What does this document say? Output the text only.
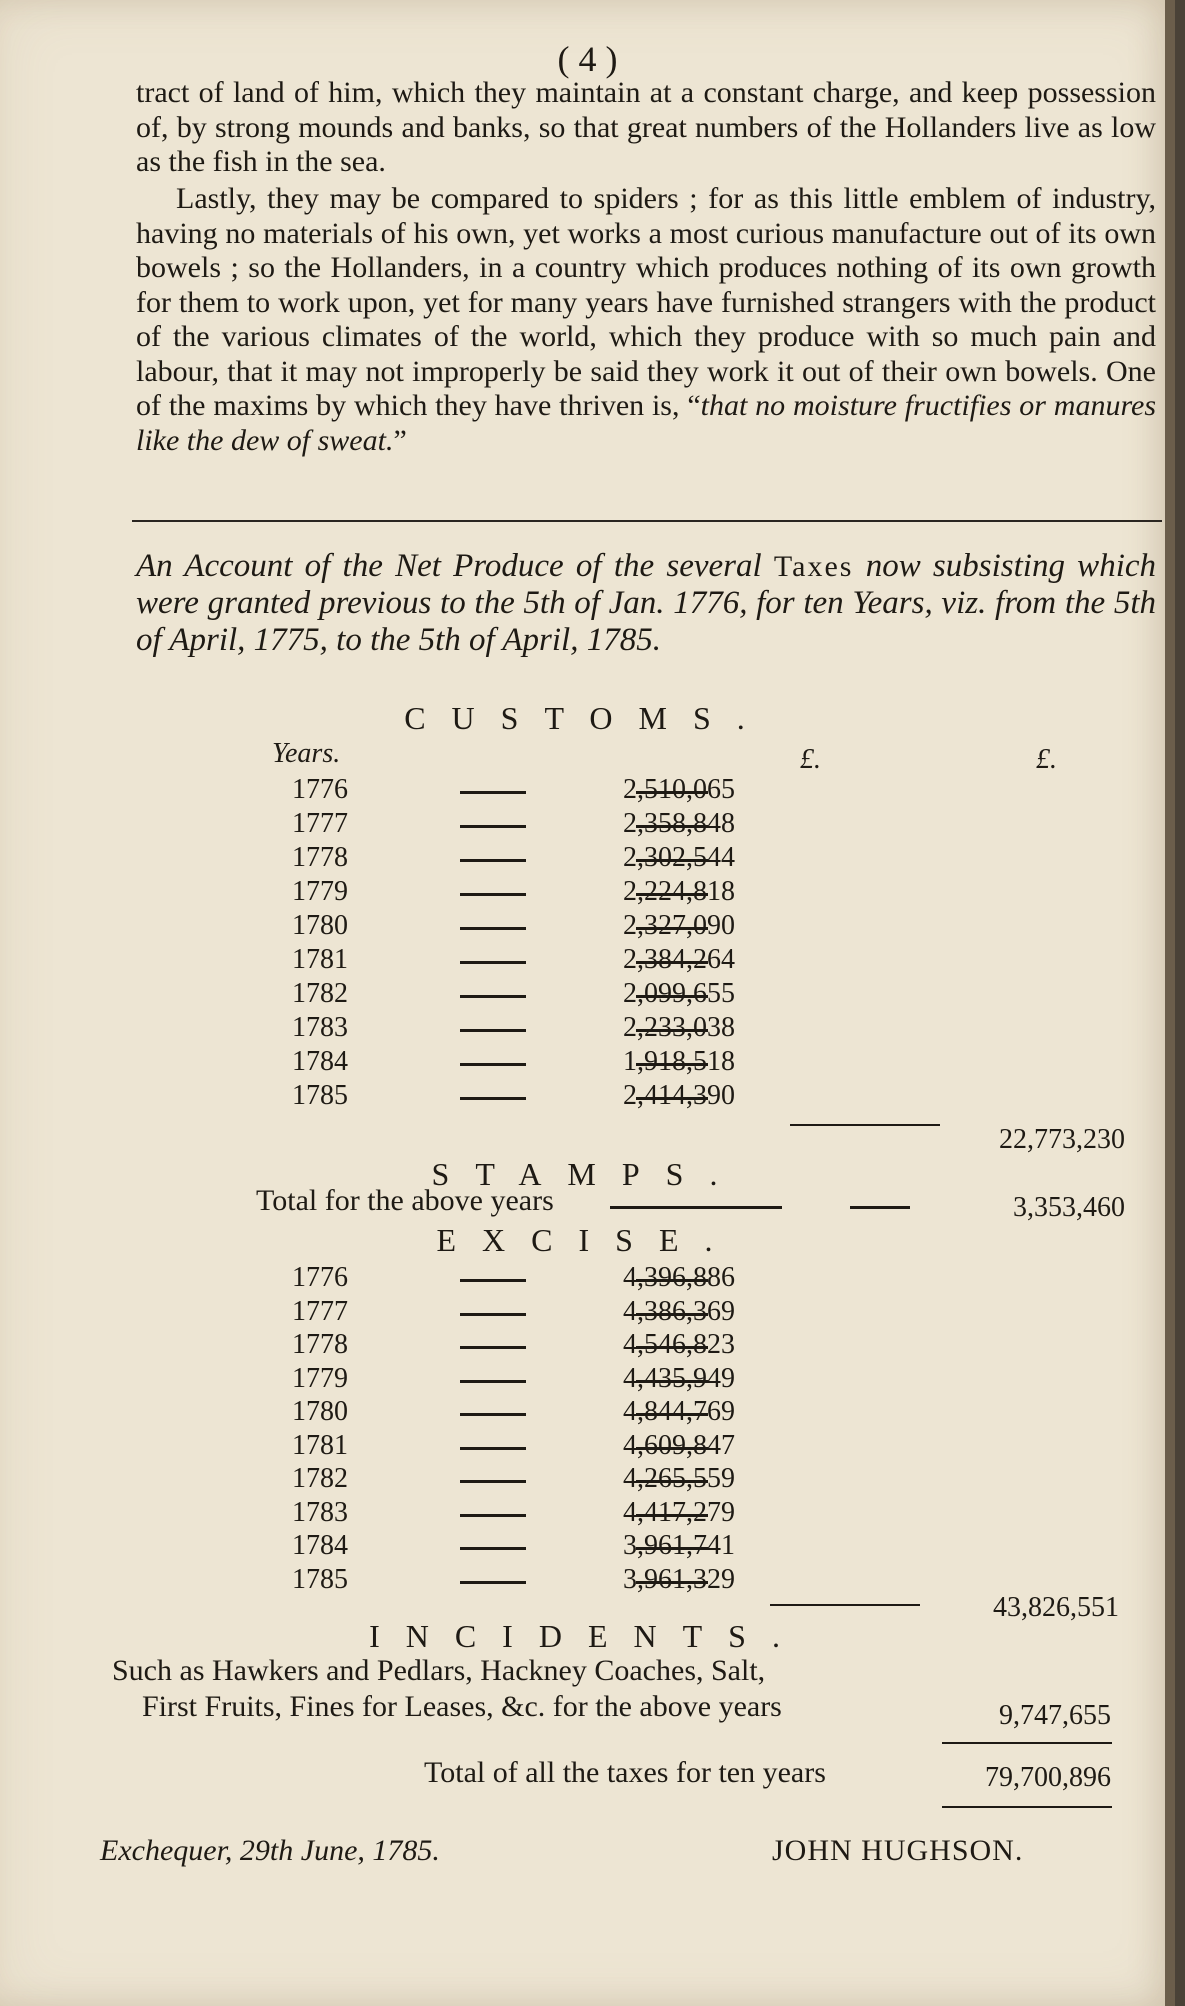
( 4 )
tract of land of him, which they maintain at a constant charge, and keep possession of, by strong mounds and banks, so that great numbers of the Hollanders live as low as the fish in the sea.
Lastly, they may be compared to spiders ; for as this little emblem of industry, having no materials of his own, yet works a most curious manufacture out of its own bowels ; so the Hollanders, in a country which produces nothing of its own growth for them to work upon, yet for many years have furnished strangers with the product of the various climates of the world, which they produce with so much pain and labour, that it may not improperly be said they work it out of their own bowels. One of the maxims by which they have thriven is, “that no moisture fructifies or manures like the dew of sweat.”
An Account of the Net Produce of the several Taxes now subsisting which were granted previous to the 5th of Jan. 1776, for ten Years, viz. from the 5th of April, 1775, to the 5th of April, 1785.
CUSTOMS.
Years.	£.	£.
1776	2,510,065
1777	2,358,848
1778	2,302,544
1779	2,224,818
1780	2,327,090
1781	2,384,264
1782	2,099,655
1783	2,233,038
1784	1,918,518
1785	2,414,390
22,773,230
STAMPS.
Total for the above years	3,353,460
EXCISE.
1776	4,396,886
1777	4,386,369
1778	4,546,823
1779	4,435,949
1780	4,844,769
1781	4,609,847
1782	4,265,559
1783	4,417,279
1784	3,961,741
1785	3,961,329
43,826,551
INCIDENTS.
Such as Hawkers and Pedlars, Hackney Coaches, Salt,
First Fruits, Fines for Leases, &c. for the above years	9,747,655
Total of all the taxes for ten years	79,700,896
Exchequer, 29th June, 1785.	JOHN HUGHSON.
